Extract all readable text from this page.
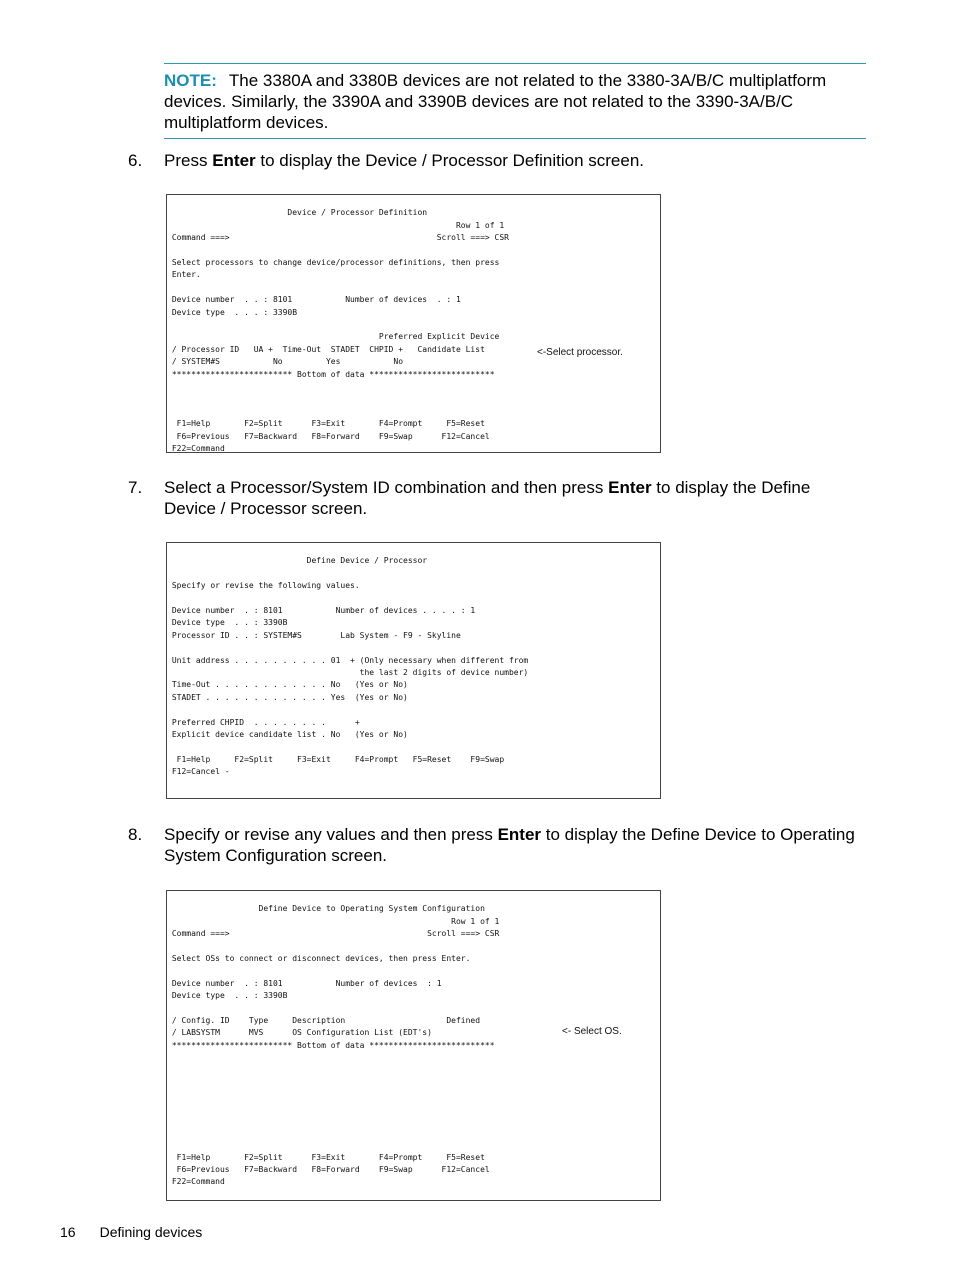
NOTE: The 3380A and 3380B devices are not related to the 3380-3A/B/C multiplatform devices. Similarly, the 3390A and 3390B devices are not related to the 3390-3A/B/C multiplatform devices.
6.	Press Enter to display the Device / Processor Definition screen.

Device / Processor Definition
Row 1 of 1
Command ===>                                           Scroll ===> CSR

Select processors to change device/processor definitions, then press
Enter.

Device number  . . : 8101           Number of devices  . : 1
Device type  . . . : 3390B

Preferred Explicit Device
/ Processor ID   UA +  Time-Out  STADET  CHPID +   Candidate List
/ SYSTEM#S           No         Yes           No
************************* Bottom of data **************************

F1=Help       F2=Split      F3=Exit       F4=Prompt     F5=Reset
F6=Previous   F7=Backward   F8=Forward    F9=Swap      F12=Cancel
F22=Command
<-Select processor.
7.	Select a Processor/System ID combination and then press Enter to display the Define Device / Processor screen.

Define Device / Processor

Specify or revise the following values.

Device number  . : 8101           Number of devices . . . . : 1
Device type  . . : 3390B
Processor ID . . : SYSTEM#S        Lab System - F9 - Skyline

Unit address . . . . . . . . . . 01  + (Only necessary when different from
the last 2 digits of device number)
Time-Out . . . . . . . . . . . . No   (Yes or No)
STADET . . . . . . . . . . . . . Yes  (Yes or No)

Preferred CHPID  . . . . . . . .      +
Explicit device candidate list . No   (Yes or No)

F1=Help     F2=Split     F3=Exit     F4=Prompt   F5=Reset    F9=Swap
F12=Cancel -
8.	Specify or revise any values and then press Enter to display the Define Device to Operating System Configuration screen.

Define Device to Operating System Configuration
Row 1 of 1
Command ===>                                         Scroll ===> CSR

Select OSs to connect or disconnect devices, then press Enter.

Device number  . : 8101           Number of devices  : 1
Device type  . . : 3390B

/ Config. ID    Type     Description                     Defined
/ LABSYSTM      MVS      OS Configuration List (EDT's)
************************* Bottom of data **************************

F1=Help       F2=Split      F3=Exit       F4=Prompt     F5=Reset
F6=Previous   F7=Backward   F8=Forward    F9=Swap      F12=Cancel
F22=Command
<- Select OS.
16 Defining devices
